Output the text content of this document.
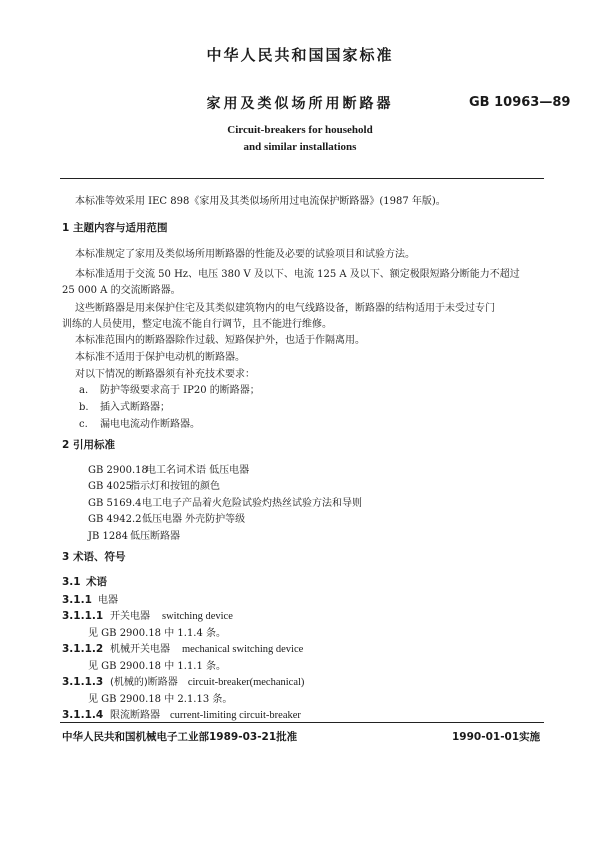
中华人民共和国国家标准
家用及类似场所用断路器	GB 10963—89
Circuit-breakers for household
and similar installations
本标准等效采用 IEC 898《家用及其类似场所用过电流保护断路器》(1987 年版)。
1 主题内容与适用范围
本标准规定了家用及类似场所用断路器的性能及必要的试验项目和试验方法。
本标准适用于交流 50 Hz、电压 380 V 及以下、电流 125 A 及以下、额定极限短路分断能力不超过
25 000 A 的交流断路器。
这些断路器是用来保护住宅及其类似建筑物内的电气线路设备，断路器的结构适用于未受过专门
训练的人员使用，整定电流不能自行调节，且不能进行维修。
本标准范围内的断路器除作过载、短路保护外，也适于作隔离用。
本标准不适用于保护电动机的断路器。
对以下情况的断路器须有补充技术要求：
a. 防护等级要求高于 IP20 的断路器；
b. 插入式断路器；
c. 漏电电流动作断路器。
2 引用标准
GB 2900.18电工名词术语 低压电器
GB 4025指示灯和按钮的颜色
GB 5169.4电工电子产品着火危险试验灼热丝试验方法和导则
GB 4942.2低压电器 外壳防护等级
JB 1284 低压断路器
3 术语、符号
3.1 术语
3.1.1 电器
3.1.1.1 开关电器 switching device
见 GB 2900.18 中 1.1.4 条。
3.1.1.2 机械开关电器 mechanical switching device
见 GB 2900.18 中 1.1.1 条。
3.1.1.3 (机械的)断路器 circuit-breaker(mechanical)
见 GB 2900.18 中 2.1.13 条。
3.1.1.4 限流断路器 current-limiting circuit-breaker
中华人民共和国机械电子工业部1989-03-21批准	1990-01-01实施
